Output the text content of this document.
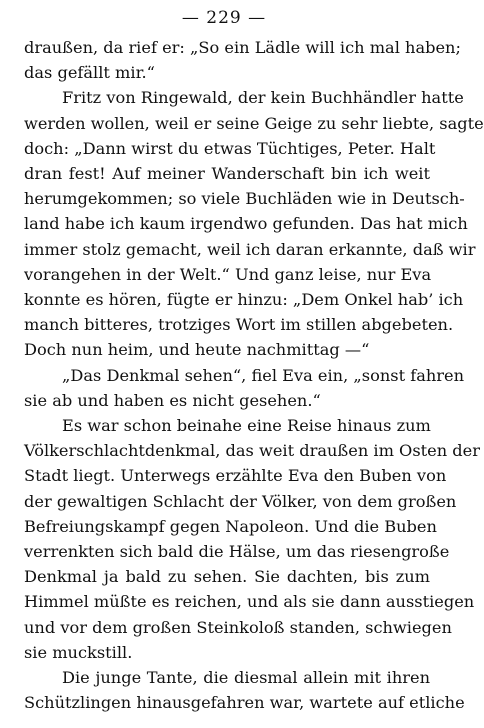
— 229 —
draußen, da rief er: „So ein Lädle will ich mal haben;
das gefällt mir.“
Fritz von Ringewald, der kein Buchhändler hatte
werden wollen, weil er seine Geige zu sehr liebte, sagte
doch: „Dann wirst du etwas Tüchtiges, Peter. Halt
dran fest! Auf meiner Wanderschaft bin ich weit
herumgekommen; so viele Buchläden wie in Deutsch-
land habe ich kaum irgendwo gefunden. Das hat mich
immer stolz gemacht, weil ich daran erkannte, daß wir
vorangehen in der Welt.“ Und ganz leise, nur Eva
konnte es hören, fügte er hinzu: „Dem Onkel hab’ ich
manch bitteres, trotziges Wort im stillen abgebeten.
Doch nun heim, und heute nachmittag —“
„Das Denkmal sehen“, fiel Eva ein, „sonst fahren
sie ab und haben es nicht gesehen.“
Es war schon beinahe eine Reise hinaus zum
Völkerschlachtdenkmal, das weit draußen im Osten der
Stadt liegt. Unterwegs erzählte Eva den Buben von
der gewaltigen Schlacht der Völker, von dem großen
Befreiungskampf gegen Napoleon. Und die Buben
verrenkten sich bald die Hälse, um das riesengroße
Denkmal ja bald zu sehen. Sie dachten, bis zum
Himmel müßte es reichen, und als sie dann ausstiegen
und vor dem großen Steinkoloß standen, schwiegen
sie muckstill.
Die junge Tante, die diesmal allein mit ihren
Schützlingen hinausgefahren war, wartete auf etliche
